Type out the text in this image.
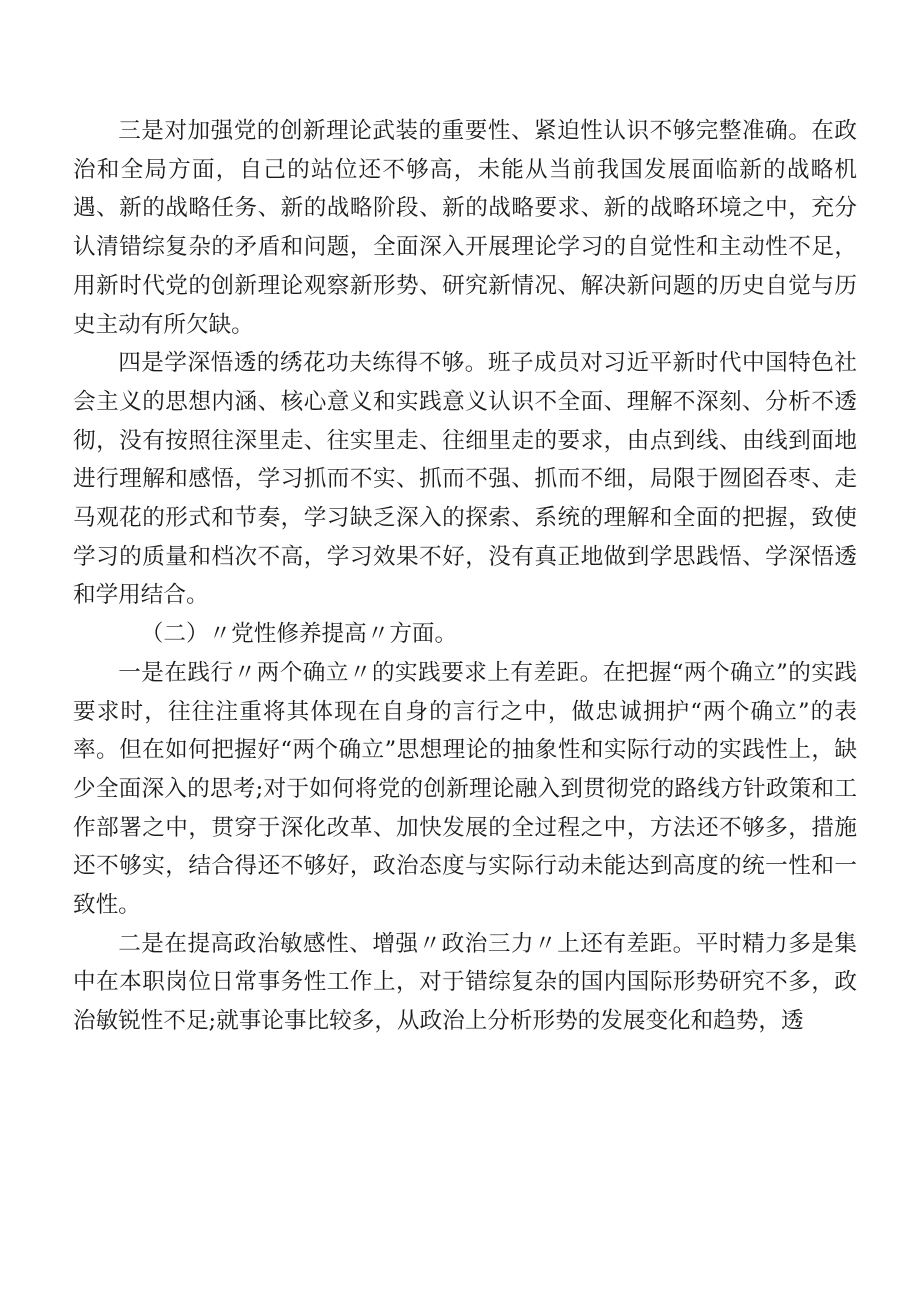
三是对加强党的创新理论武装的重要性、紧迫性认识不够完整准确。在政治和全局方面，自己的站位还不够高，未能从当前我国发展面临新的战略机遇、新的战略任务、新的战略阶段、新的战略要求、新的战略环境之中，充分认清错综复杂的矛盾和问题，全面深入开展理论学习的自觉性和主动性不足，用新时代党的创新理论观察新形势、研究新情况、解决新问题的历史自觉与历史主动有所欠缺。

四是学深悟透的绣花功夫练得不够。班子成员对习近平新时代中国特色社会主义的思想内涵、核心意义和实践意义认识不全面、理解不深刻、分析不透彻，没有按照往深里走、往实里走、往细里走的要求，由点到线、由线到面地进行理解和感悟，学习抓而不实、抓而不强、抓而不细，局限于囫囵吞枣、走马观花的形式和节奏，学习缺乏深入的探索、系统的理解和全面的把握，致使学习的质量和档次不高，学习效果不好，没有真正地做到学思践悟、学深悟透和学用结合。

（二）〃党性修养提高〃方面。

一是在践行〃两个确立〃的实践要求上有差距。在把握“两个确立”的实践要求时，往往注重将其体现在自身的言行之中，做忠诚拥护“两个确立”的表率。但在如何把握好“两个确立”思想理论的抽象性和实际行动的实践性上，缺少全面深入的思考;对于如何将党的创新理论融入到贯彻党的路线方针政策和工作部署之中，贯穿于深化改革、加快发展的全过程之中，方法还不够多，措施还不够实，结合得还不够好，政治态度与实际行动未能达到高度的统一性和一致性。

二是在提高政治敏感性、增强〃政治三力〃上还有差距。平时精力多是集中在本职岗位日常事务性工作上，对于错综复杂的国内国际形势研究不多，政治敏锐性不足;就事论事比较多，从政治上分析形势的发展变化和趋势，透
